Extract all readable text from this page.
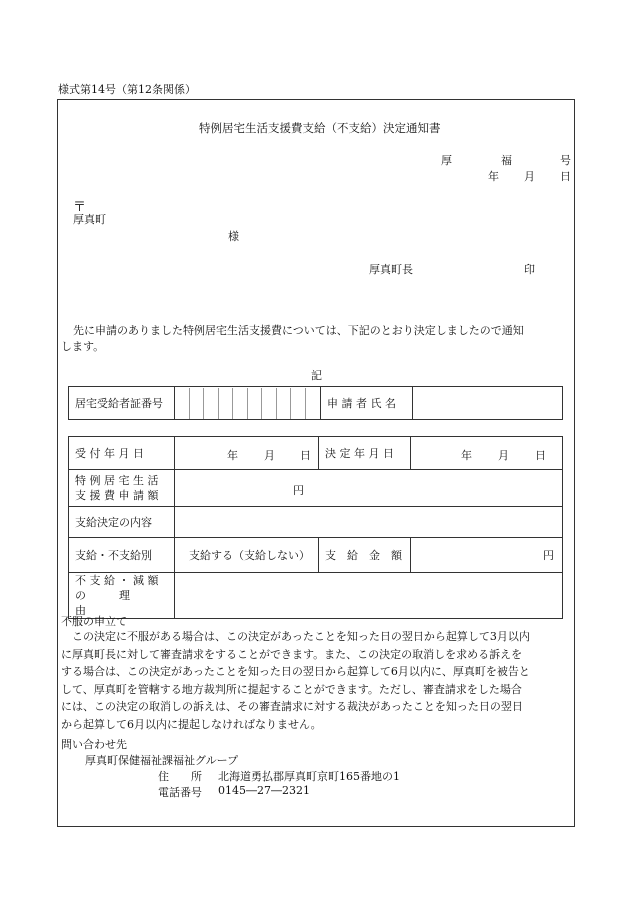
様式第14号（第12条関係）
特例居宅生活支援費支給（不支給）決定通知書
厚	福	号
年 月 日
〒
厚真町
様
厚真町長	印
先に申請のありました特例居宅生活支援費については、下記のとおり決定しましたので通知
します。
記
居宅受給者証番号		申 請 者 氏 名	
受 付 年 月 日	年 月 日	決 定 年 月 日	年 月 日

特 例 居 宅 生 活
支 援 費 申 請 額	円		

支給決定の内容			
支給・不支給別	支給する（支給しない）	支　給　金　額	円

不 支 給 ・ 減 額
の　　　理　　　由			

不服の申立て
　この決定に不服がある場合は、この決定があったことを知った日の翌日から起算して3月以内
に厚真町長に対して審査請求をすることができます。また、この決定の取消しを求める訴えを
する場合は、この決定があったことを知った日の翌日から起算して6月以内に、厚真町を被告と
して、厚真町を管轄する地方裁判所に提起することができます。ただし、審査請求をした場合
には、この決定の取消しの訴えは、その審査請求に対する裁決があったことを知った日の翌日
から起算して6月以内に提起しなければなりません。
問い合わせ先
厚真町保健福祉課福祉グループ
住　　所 北海道勇払郡厚真町京町165番地の1
電話番号 0145―27―2321
